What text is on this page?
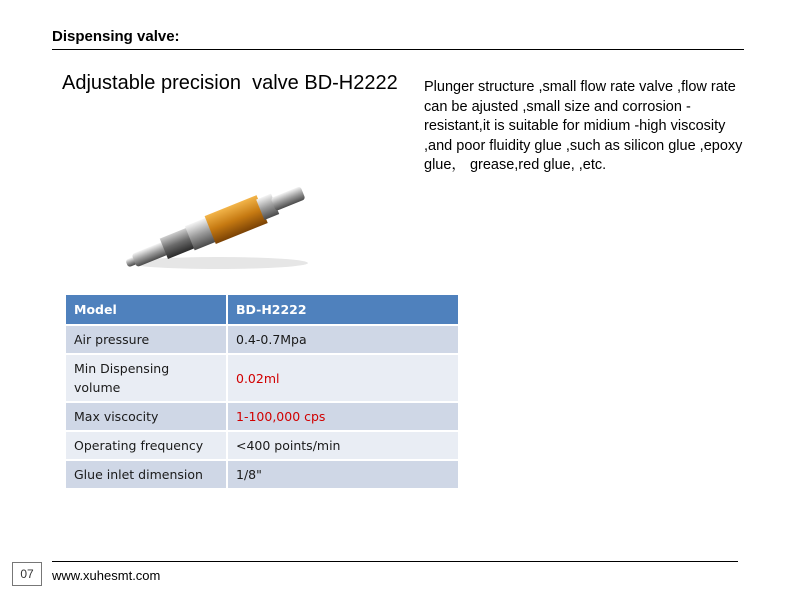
Dispensing valve:
Adjustable precision  valve BD-H2222 Plunger structure ,small flow rate valve ,flow rate can be ajusted ,small size and corrosion -resistant,it is suitable for midium -high viscosity ,and poor fluidity glue ,such as silicon glue ,epoxy glue， grease,red glue, ,etc.

Model	BD-H2222
Air pressure	0.4-0.7Mpa
Min Dispensing volume	0.02ml
Max viscocity	1-100,000 cps
Operating frequency	<400 points/min
Glue inlet dimension	1/8"
07	www.xuhesmt.com
